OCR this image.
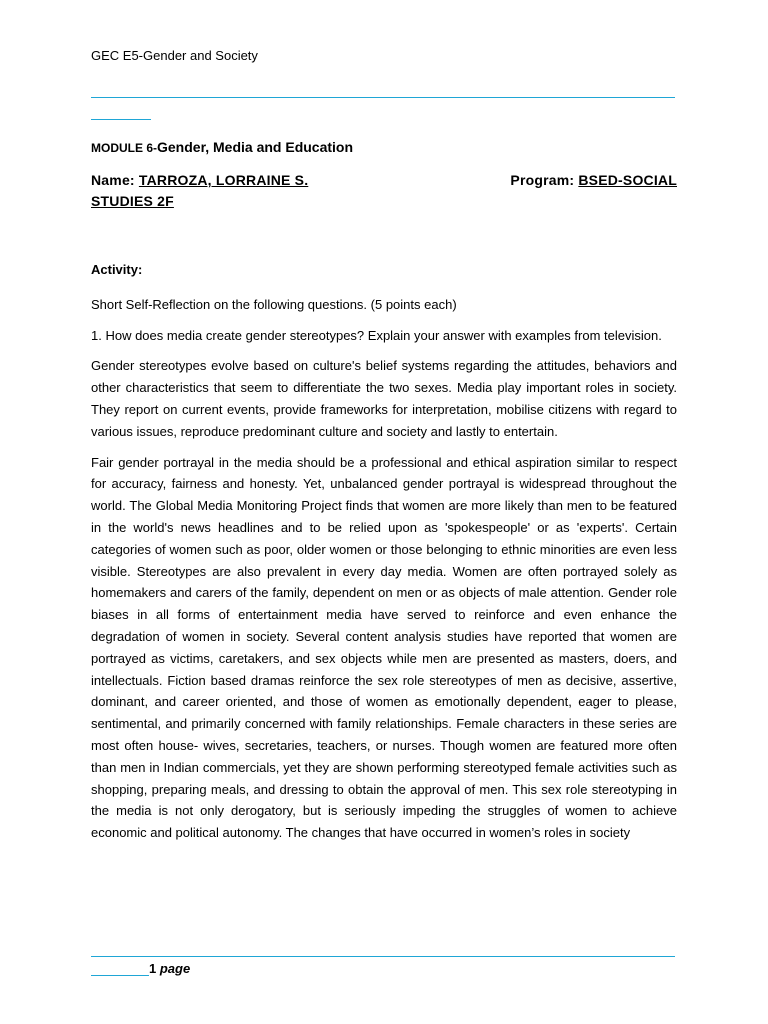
GEC E5-Gender and Society
MODULE 6-Gender, Media and Education
Name: TARROZA, LORRAINE S.	Program: BSED-SOCIAL
STUDIES 2F

Activity:

Short Self-Reflection on the following questions. (5 points each)

1. How does media create gender stereotypes? Explain your answer with examples from television.

Gender stereotypes evolve based on culture's belief systems regarding the attitudes, behaviors and other characteristics that seem to differentiate the two sexes. Media play important roles in society. They report on current events, provide frameworks for interpretation, mobilise citizens with regard to various issues, reproduce predominant culture and society and lastly to entertain.

Fair gender portrayal in the media should be a professional and ethical aspiration similar to respect for accuracy, fairness and honesty. Yet, unbalanced gender portrayal is widespread throughout the world. The Global Media Monitoring Project finds that women are more likely than men to be featured in the world's news headlines and to be relied upon as 'spokespeople' or as 'experts'. Certain categories of women such as poor, older women or those belonging to ethnic minorities are even less visible. Stereotypes are also prevalent in every day media. Women are often portrayed solely as homemakers and carers of the family, dependent on men or as objects of male attention. Gender role biases in all forms of entertainment media have served to reinforce and even enhance the degradation of women in society. Several content analysis studies have reported that women are portrayed as victims, caretakers, and sex objects while men are presented as masters, doers, and intellectuals. Fiction based dramas reinforce the sex role stereotypes of men as decisive, assertive, dominant, and career oriented, and those of women as emotionally dependent, eager to please, sentimental, and primarily concerned with family relationships. Female characters in these series are most often house- wives, secretaries, teachers, or nurses. Though women are featured more often than men in Indian commercials, yet they are shown performing stereotyped female activities such as shopping, preparing meals, and dressing to obtain the approval of men. This sex role stereotyping in the media is not only derogatory, but is seriously impeding the struggles of women to achieve economic and political autonomy. The changes that have occurred in women’s roles in society

1 page
